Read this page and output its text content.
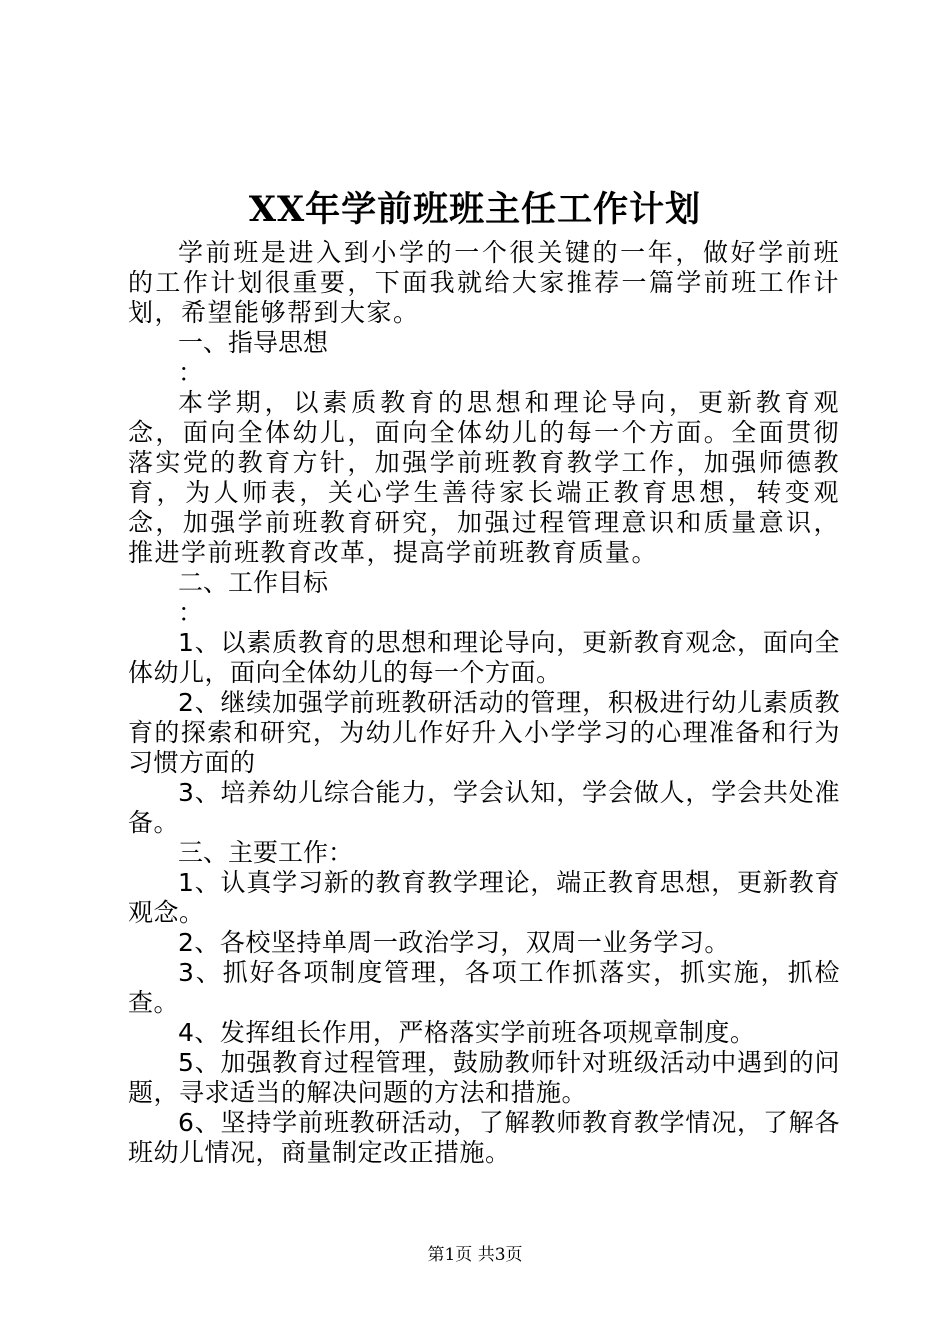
XX年学前班班主任工作计划

学前班是进入到小学的一个很关键的一年，做好学前班的工作计划很重要，下面我就给大家推荐一篇学前班工作计划，希望能够帮到大家。

一、指导思想

：

本学期，以素质教育的思想和理论导向，更新教育观念，面向全体幼儿，面向全体幼儿的每一个方面。全面贯彻落实党的教育方针，加强学前班教育教学工作，加强师德教育，为人师表，关心学生善待家长端正教育思想，转变观念，加强学前班教育研究，加强过程管理意识和质量意识，推进学前班教育改革，提高学前班教育质量。

二、工作目标

：

1、以素质教育的思想和理论导向，更新教育观念，面向全体幼儿，面向全体幼儿的每一个方面。

2、继续加强学前班教研活动的管理，积极进行幼儿素质教育的探索和研究，为幼儿作好升入小学学习的心理准备和行为习惯方面的

3、培养幼儿综合能力，学会认知，学会做人，学会共处准备。

三、主要工作：

1、认真学习新的教育教学理论，端正教育思想，更新教育观念。

2、各校坚持单周一政治学习，双周一业务学习。

3、抓好各项制度管理，各项工作抓落实，抓实施，抓检查。

4、发挥组长作用，严格落实学前班各项规章制度。

5、加强教育过程管理，鼓励教师针对班级活动中遇到的问题，寻求适当的解决问题的方法和措施。

6、坚持学前班教研活动，了解教师教育教学情况，了解各班幼儿情况，商量制定改正措施。

第1页 共3页
